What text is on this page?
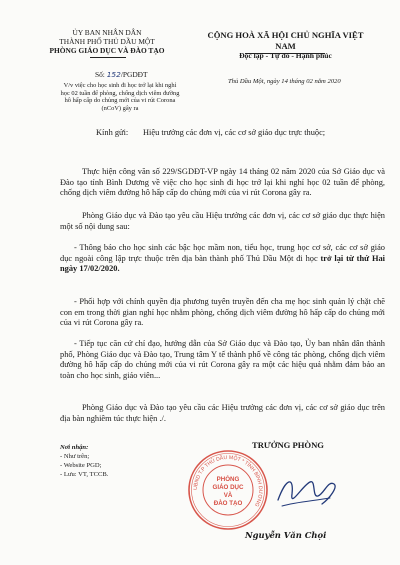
ỦY BAN NHÂN DÂN
THÀNH PHỐ THỦ DẦU MỘT
PHÒNG GIÁO DỤC VÀ ĐÀO TẠO
CỘNG HOÀ XÃ HỘI CHỦ NGHĨA VIỆT NAM
Độc lập - Tự do - Hạnh phúc
Số: 152/PGDĐT
V/v việc cho học sinh đi học trở lại khi nghỉ học 02 tuần để phòng, chống dịch viêm đường hô hấp cấp do chủng mới của vi rút Corona (nCoV) gây ra
Thủ Dầu Một, ngày 14 tháng 02 năm 2020
Kính gửi: Hiệu trưởng các đơn vị, các cơ sở giáo dục trực thuộc;
Thực hiện công văn số 229/SGDĐT-VP ngày 14 tháng 02 năm 2020 của Sở Giáo dục và Đào tạo tỉnh Bình Dương về việc cho học sinh đi học trở lại khi nghỉ học 02 tuần để phòng, chống dịch viêm đường hô hấp cấp do chủng mới của vi rút Corona gây ra.
Phòng Giáo dục và Đào tạo yêu cầu Hiệu trưởng các đơn vị, các cơ sở giáo dục thực hiện một số nội dung sau:
- Thông báo cho học sinh các bậc học mầm non, tiểu học, trung học cơ sở, các cơ sở giáo dục ngoài công lập trực thuộc trên địa bàn thành phố Thủ Dầu Một đi học trở lại từ thứ Hai ngày 17/02/2020.
- Phối hợp với chính quyền địa phương tuyên truyền đến cha mẹ học sinh quản lý chặt chẽ con em trong thời gian nghỉ học nhằm phòng, chống dịch viêm đường hô hấp cấp do chủng mới của vi rút Corona gây ra.
- Tiếp tục căn cứ chỉ đạo, hướng dẫn của Sở Giáo dục và Đào tạo, Ủy ban nhân dân thành phố, Phòng Giáo dục và Đào tạo, Trung tâm Y tế thành phố về công tác phòng, chống dịch viêm đường hô hấp cấp do chủng mới của vi rút Corona gây ra một các hiệu quả nhằm đảm bảo an toàn cho học sinh, giáo viên...
Phòng Giáo dục và Đào tạo yêu cầu các Hiệu trưởng các đơn vị, các cơ sở giáo dục trên địa bàn nghiêm túc thực hiện ./.
Nơi nhận:
- Như trên;
- Website PGD;
- Lưu: VT, TCCB.
TRƯỞNG PHÒNG
UBND T.P THỦ DẦU MỘT * TỈNH BÌNH DƯƠNG
PHÒNG
GIÁO DỤC
VÀ
ĐÀO TẠO
Nguyễn Văn Chọi
